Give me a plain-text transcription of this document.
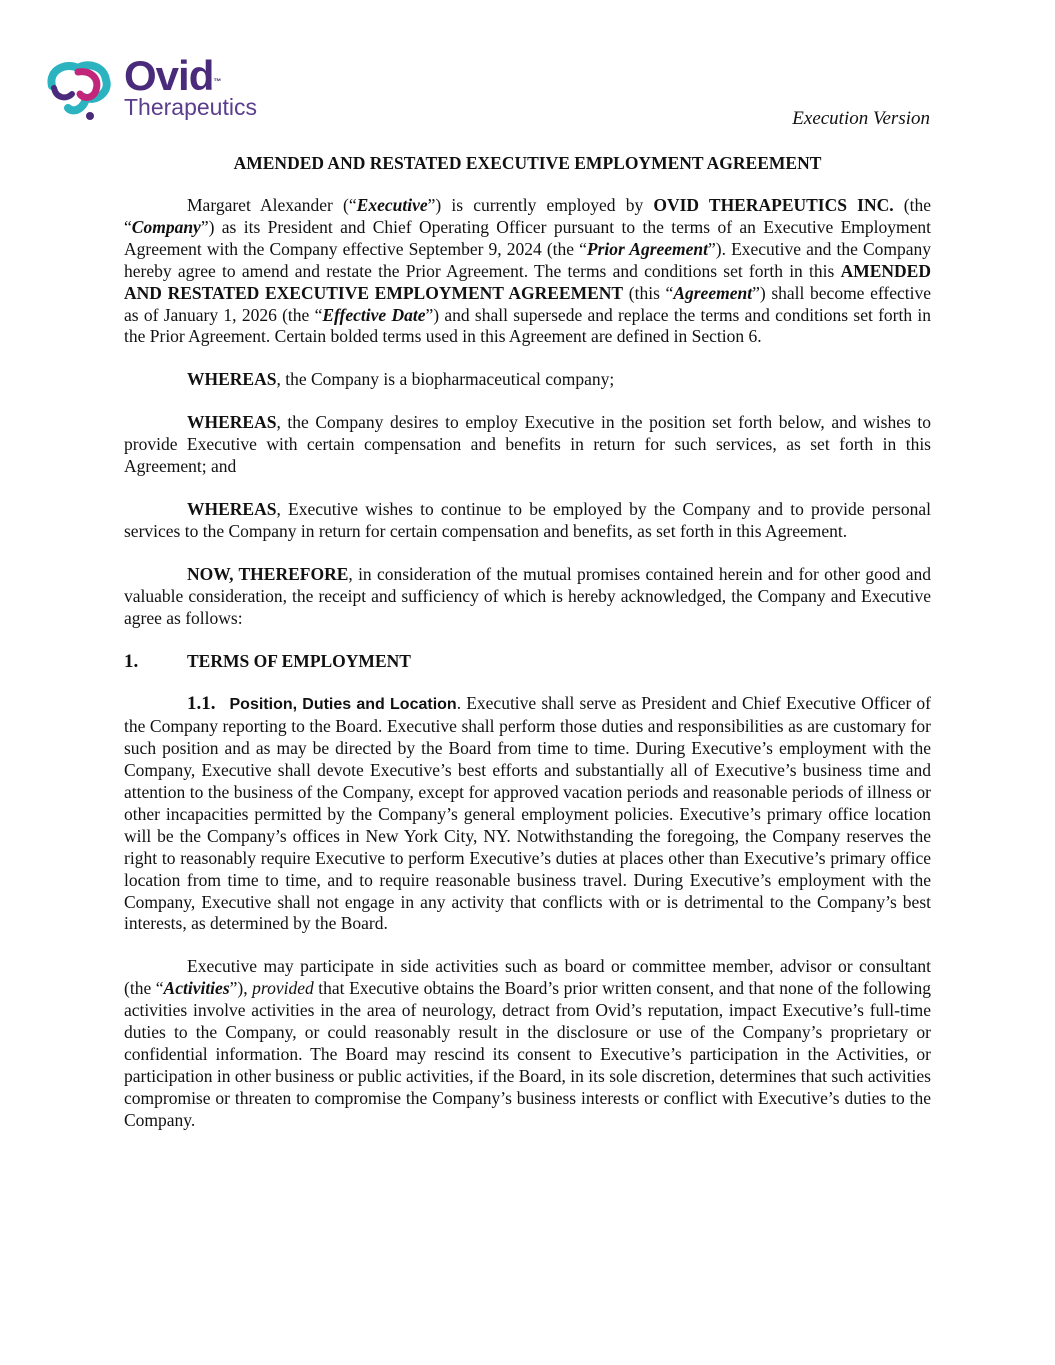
Ovid™
Therapeutics	Execution Version
AMENDED AND RESTATED EXECUTIVE EMPLOYMENT AGREEMENT

Margaret Alexander (“Executive”) is currently employed by OVID THERAPEUTICS INC. (the “Company”) as its President and Chief Operating Officer pursuant to the terms of an Executive Employment Agreement with the Company effective September 9, 2024 (the “Prior Agreement”). Executive and the Company hereby agree to amend and restate the Prior Agreement. The terms and conditions set forth in this AMENDED AND RESTATED EXECUTIVE EMPLOYMENT AGREEMENT (this “Agreement”) shall become effective as of January 1, 2026 (the “Effective Date”) and shall supersede and replace the terms and conditions set forth in the Prior Agreement. Certain bolded terms used in this Agreement are defined in Section 6.

WHEREAS, the Company is a biopharmaceutical company;

WHEREAS, the Company desires to employ Executive in the position set forth below, and wishes to provide Executive with certain compensation and benefits in return for such services, as set forth in this Agreement; and

WHEREAS, Executive wishes to continue to be employed by the Company and to provide personal services to the Company in return for certain compensation and benefits, as set forth in this Agreement.

NOW, THEREFORE, in consideration of the mutual promises contained herein and for other good and valuable consideration, the receipt and sufficiency of which is hereby acknowledged, the Company and Executive agree as follows:

1.	TERMS OF EMPLOYMENT

1.1. Position, Duties and Location. Executive shall serve as President and Chief Executive Officer of the Company reporting to the Board. Executive shall perform those duties and responsibilities as are customary for such position and as may be directed by the Board from time to time. During Executive’s employment with the Company, Executive shall devote Executive’s best efforts and substantially all of Executive’s business time and attention to the business of the Company, except for approved vacation periods and reasonable periods of illness or other incapacities permitted by the Company’s general employment policies. Executive’s primary office location will be the Company’s offices in New York City, NY. Notwithstanding the foregoing, the Company reserves the right to reasonably require Executive to perform Executive’s duties at places other than Executive’s primary office location from time to time, and to require reasonable business travel. During Executive’s employment with the Company, Executive shall not engage in any activity that conflicts with or is detrimental to the Company’s best interests, as determined by the Board.

Executive may participate in side activities such as board or committee member, advisor or consultant (the “Activities”), provided that Executive obtains the Board’s prior written consent, and that none of the following activities involve activities in the area of neurology, detract from Ovid’s reputation, impact Executive’s full-time duties to the Company, or could reasonably result in the disclosure or use of the Company’s proprietary or confidential information. The Board may rescind its consent to Executive’s participation in the Activities, or participation in other business or public activities, if the Board, in its sole discretion, determines that such activities compromise or threaten to compromise the Company’s business interests or conflict with Executive’s duties to the Company.
